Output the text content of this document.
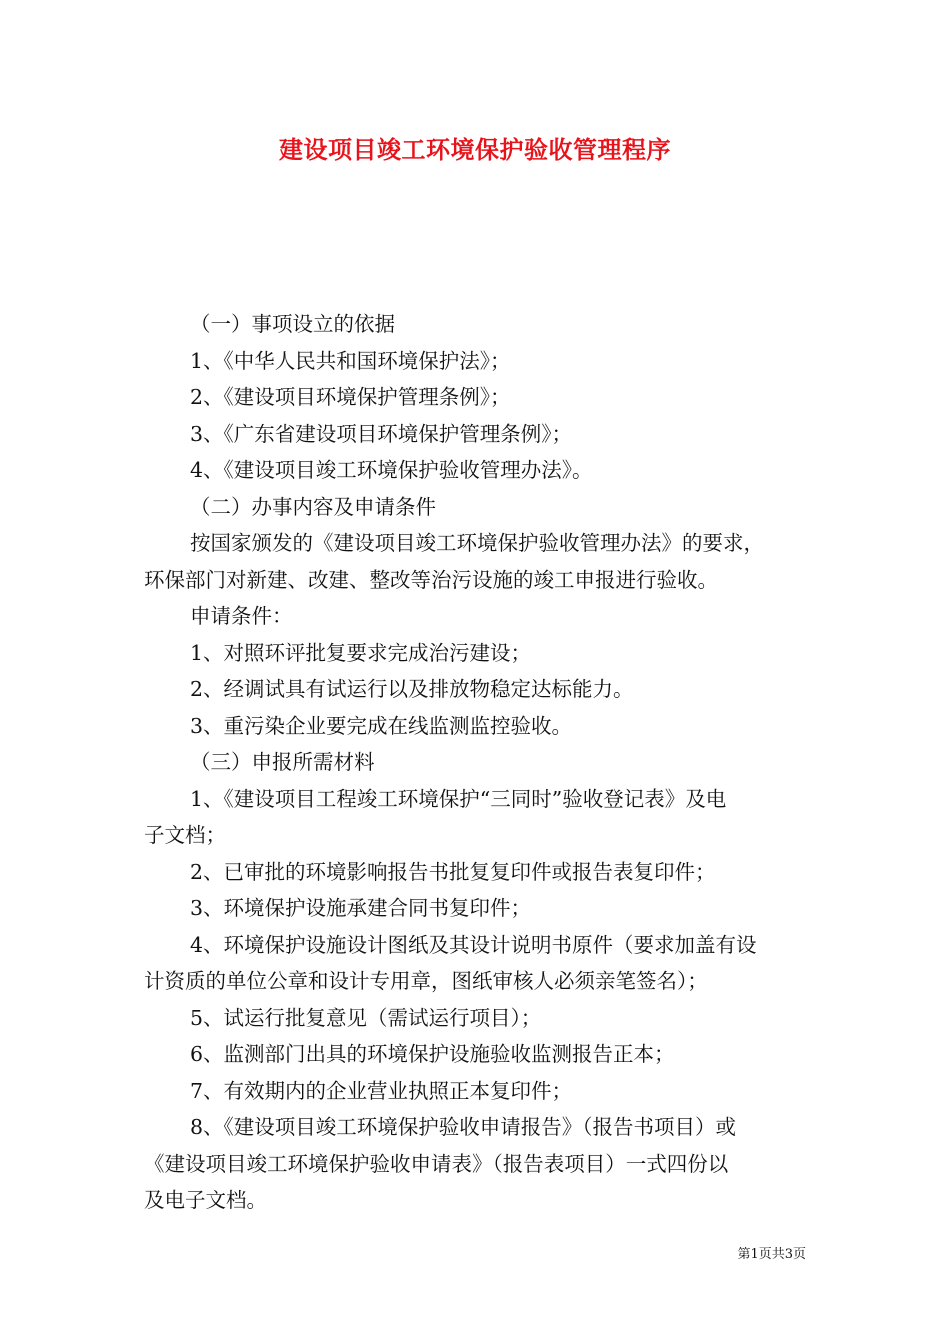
建设项目竣工环境保护验收管理程序

（一）事项设立的依据

1、《中华人民共和国环境保护法》；

2、《建设项目环境保护管理条例》；

3、《广东省建设项目环境保护管理条例》；

4、《建设项目竣工环境保护验收管理办法》。

（二）办事内容及申请条件

按国家颁发的《建设项目竣工环境保护验收管理办法》的要求，

环保部门对新建、改建、整改等治污设施的竣工申报进行验收。

申请条件：

1、对照环评批复要求完成治污建设；

2、经调试具有试运行以及排放物稳定达标能力。

3、重污染企业要完成在线监测监控验收。

（三）申报所需材料

1、《建设项目工程竣工环境保护“三同时”验收登记表》及电

子文档；

2、已审批的环境影响报告书批复复印件或报告表复印件；

3、环境保护设施承建合同书复印件；

4、环境保护设施设计图纸及其设计说明书原件（要求加盖有设

计资质的单位公章和设计专用章，图纸审核人必须亲笔签名）；

5、试运行批复意见（需试运行项目）；

6、监测部门出具的环境保护设施验收监测报告正本；

7、有效期内的企业营业执照正本复印件；

8、《建设项目竣工环境保护验收申请报告》（报告书项目）或

《建设项目竣工环境保护验收申请表》（报告表项目）一式四份以

及电子文档。

第1页共3页
